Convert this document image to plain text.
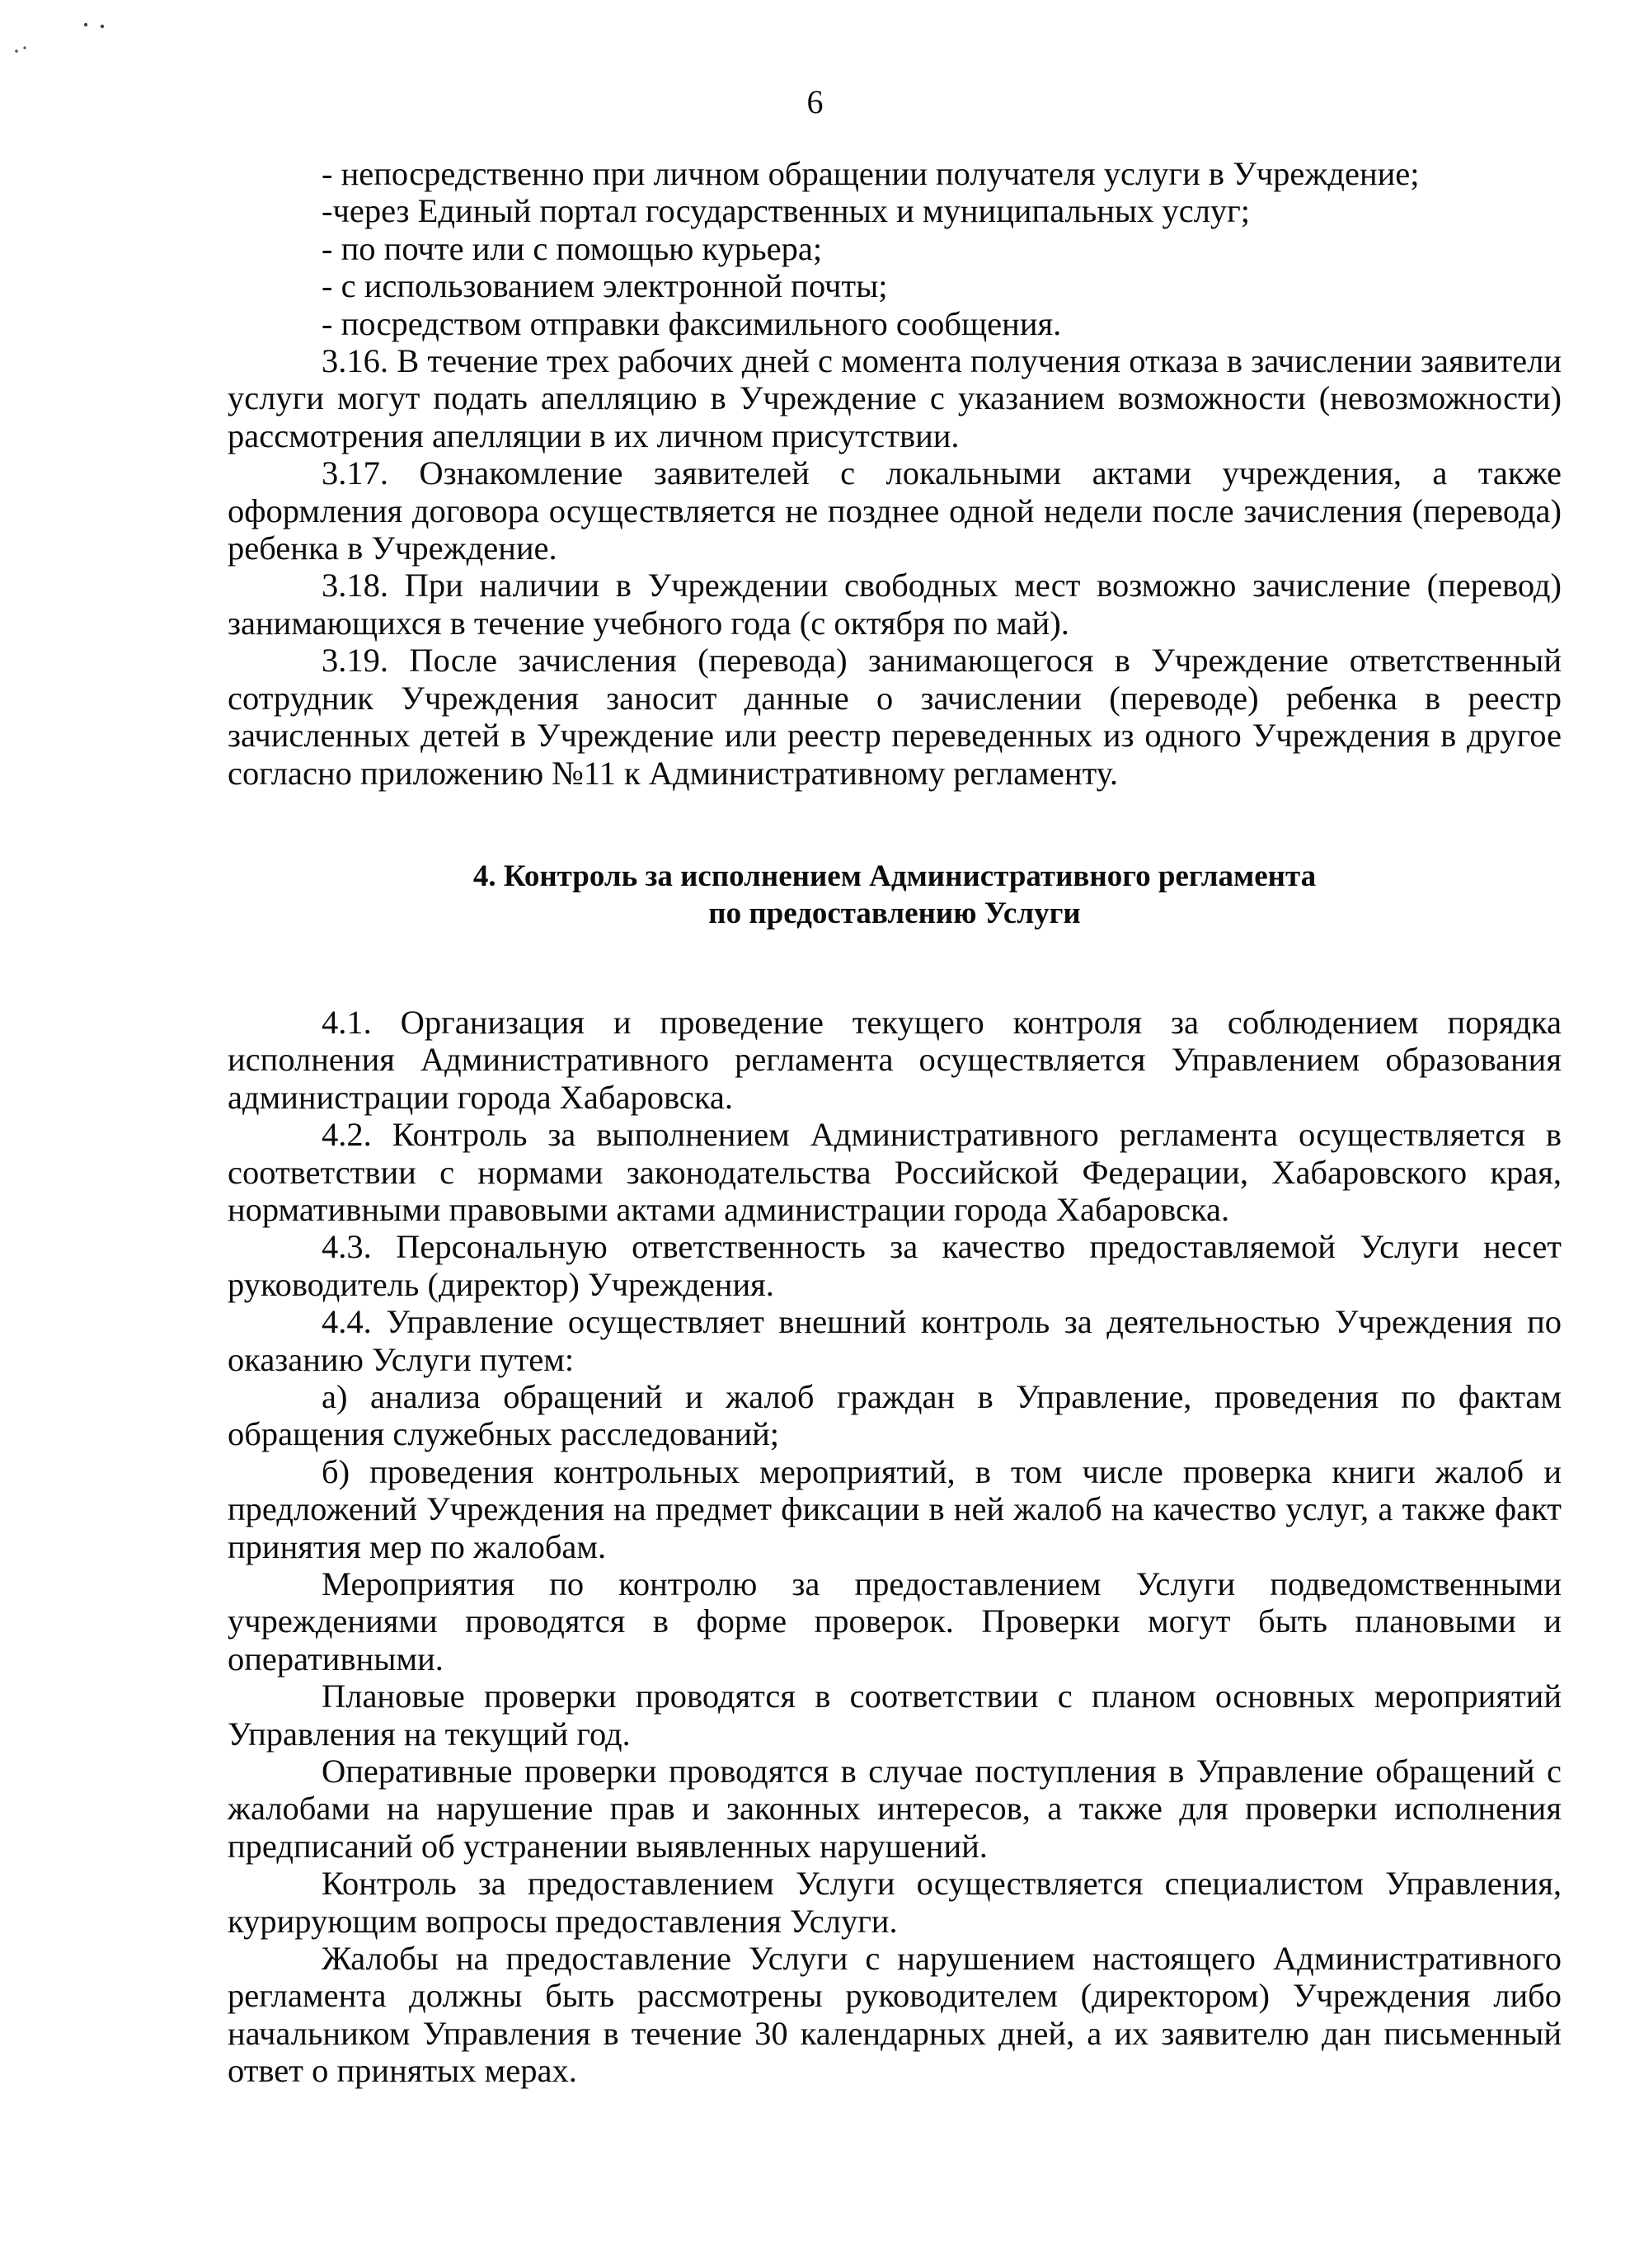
6

- непосредственно при личном обращении получателя услуги в Учреждение;

-через Единый портал государственных и муниципальных услуг;

- по почте или с помощью курьера;

- с использованием электронной почты;

- посредством отправки факсимильного сообщения.

3.16. В течение трех рабочих дней с момента получения отказа в зачислении заявители услуги могут подать апелляцию в Учреждение с указанием возможности (невозможности) рассмотрения апелляции в их личном присутствии.

3.17. Ознакомление заявителей с локальными актами учреждения, а также оформления договора осуществляется не позднее одной недели после зачисления (перевода) ребенка в Учреждение.

3.18. При наличии в Учреждении свободных мест возможно зачисление (перевод) занимающихся в течение учебного года (с октября по май).

3.19. После зачисления (перевода) занимающегося в Учреждение ответственный сотрудник Учреждения заносит данные о зачислении (переводе) ребенка в реестр зачисленных детей в Учреждение или реестр переведенных из одного Учреждения в другое согласно приложению №11 к Административному регламенту.

4. Контроль за исполнением Административного регламента
по предоставлению Услуги

4.1. Организация и проведение текущего контроля за соблюдением порядка исполнения Административного регламента осуществляется Управлением образования администрации города Хабаровска.

4.2. Контроль за выполнением Административного регламента осуществляется в соответствии с нормами законодательства Российской Федерации, Хабаровского края, нормативными правовыми актами администрации города Хабаровска.

4.3. Персональную ответственность за качество предоставляемой Услуги несет руководитель (директор) Учреждения.

4.4. Управление осуществляет внешний контроль за деятельностью Учреждения по оказанию Услуги путем:

а) анализа обращений и жалоб граждан в Управление, проведения по фактам обращения служебных расследований;

б) проведения контрольных мероприятий, в том числе проверка книги жалоб и предложений Учреждения на предмет фиксации в ней жалоб на качество услуг, а также факт принятия мер по жалобам.

Мероприятия по контролю за предоставлением Услуги подведомственными учреждениями проводятся в форме проверок. Проверки могут быть плановыми и оперативными.

Плановые проверки проводятся в соответствии с планом основных мероприятий Управления на текущий год.

Оперативные проверки проводятся в случае поступления в Управление обращений с жалобами на нарушение прав и законных интересов, а также для проверки исполнения предписаний об устранении выявленных нарушений.

Контроль за предоставлением Услуги осуществляется специалистом Управления, курирующим вопросы предоставления Услуги.

Жалобы на предоставление Услуги с нарушением настоящего Административного регламента должны быть рассмотрены руководителем (директором) Учреждения либо начальником Управления в течение 30 календарных дней, а их заявителю дан письменный ответ о принятых мерах.
